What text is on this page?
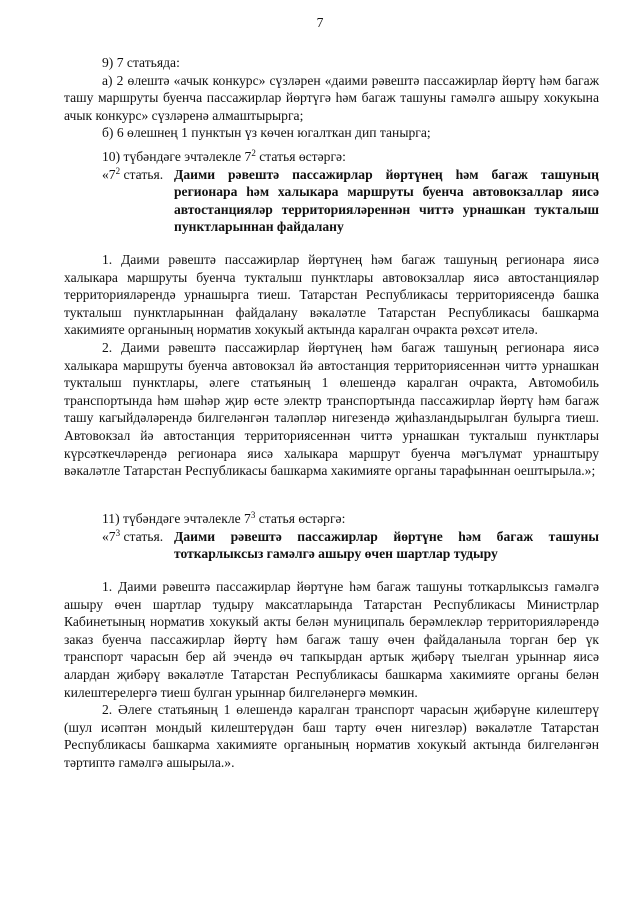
7

9) 7 статьяда:

а) 2 өлештә «ачык конкурс» сүзләрен «даими рәвештә пассажирлар йөртү һәм багаж ташу маршруты буенча пассажирлар йөртүгә һәм багаж ташуны гамәлгә ашыру хокукына ачык конкурс» сүзләренә алмаштырырга;

б) 6 өлешнең 1 пунктын үз көчен югалткан дип танырга;

10) түбәндәге эчтәлекле $7^2$ статья өстәргә:

«$7^2$ статья. Даими рәвештә пассажирлар йөртүнең һәм багаж ташуның регионара һәм халыкара маршруты буенча автовокзаллар яисә автостанцияләр территорияләреннән читтә урнашкан тукталыш пунктларыннан файдалану

1. Даими рәвештә пассажирлар йөртүнең һәм багаж ташуның регионара яисә халыкара маршруты буенча тукталыш пунктлары автовокзаллар яисә автостанцияләр территорияләрендә урнашырга тиеш. Татарстан Республикасы территориясендә башка тукталыш пунктларыннан файдалану вәкаләтле Татарстан Республикасы башкарма хакимияте органының норматив хокукый актында каралган очракта рөхсәт ителә.

2. Даими рәвештә пассажирлар йөртүнең һәм багаж ташуның регионара яисә халыкара маршруты буенча автовокзал йә автостанция территориясеннән читтә урнашкан тукталыш пунктлары, әлеге статьяның 1 өлешендә каралган очракта, Автомобиль транспортында һәм шәһәр җир өсте электр транспортында пассажирлар йөртү һәм багаж ташу кагыйдәләрендә билгеләнгән таләпләр нигезендә җиһазландырылган булырга тиеш. Автовокзал йә автостанция территориясеннән читтә урнашкан тукталыш пунктлары күрсәткечләрендә регионара яисә халыкара маршрут буенча мәгълүмат урнаштыру вәкаләтле Татарстан Республикасы башкарма хакимияте органы тарафыннан оештырыла.»;

11) түбәндәге эчтәлекле $7^3$ статья өстәргә:

«$7^3$ статья. Даими рәвештә пассажирлар йөртүне һәм багаж ташуны тоткарлыксыз гамәлгә ашыру өчен шартлар тудыру

1. Даими рәвештә пассажирлар йөртүне һәм багаж ташуны тоткарлыксыз гамәлгә ашыру өчен шартлар тудыру максатларында Татарстан Республикасы Министрлар Кабинетының норматив хокукый акты белән муниципаль берәмлекләр территорияләрендә заказ буенча пассажирлар йөртү һәм багаж ташу өчен файдаланыла торган бер үк транспорт чарасын бер ай эчендә өч тапкырдан артык җибәрү тыелган урыннар яисә алардан җибәрү вәкаләтле Татарстан Республикасы башкарма хакимияте органы белән килештерелергә тиеш булган урыннар билгеләнергә мөмкин.

2. Әлеге статьяның 1 өлешендә каралган транспорт чарасын җибәрүне килештерү (шул исәптән мондый килештерүдән баш тарту өчен нигезләр) вәкаләтле Татарстан Республикасы башкарма хакимияте органының норматив хокукый актында билгеләнгән тәртиптә гамәлгә ашырыла.».
